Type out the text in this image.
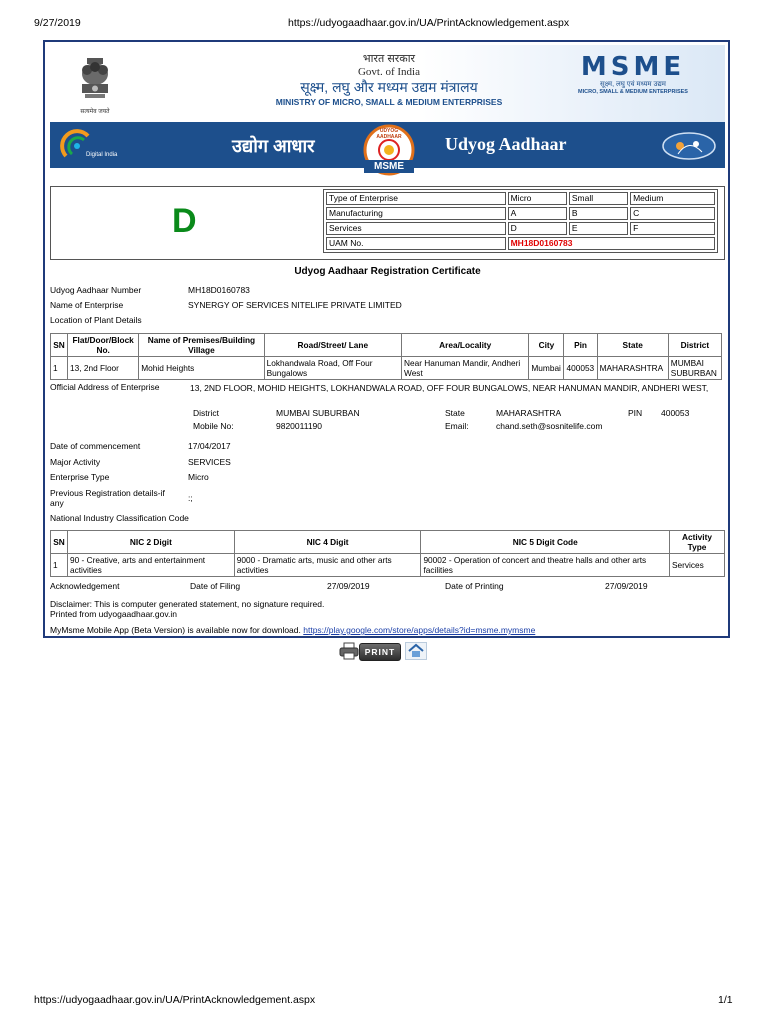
9/27/2019	https://udyogaadhaar.gov.in/UA/PrintAcknowledgement.aspx
सत्यमेव जयते
भारत सरकार
Govt. of India
सूक्ष्म, लघु और मध्यम उद्यम मंत्रालय
MINISTRY OF MICRO, SMALL & MEDIUM ENTERPRISES
MSME
सूक्ष्म, लघु एवं मध्यम उद्यम
MICRO, SMALL & MEDIUM ENTERPRISES
Digital India	उद्योग आधार
UDYOG AADHAAR
MSME
Udyog Aadhaar
D
Type of Enterprise	Micro	Small	Medium
Manufacturing	A	B	C
Services	D	E	F
UAM No.	MH18D0160783		
Udyog Aadhaar Registration Certificate
Udyog Aadhaar Number	MH18D0160783
Name of Enterprise	SYNERGY OF SERVICES NITELIFE PRIVATE LIMITED
Location of Plant Details
SN	Flat/Door/Block No.	Name of Premises/Building Village	Road/Street/ Lane	Area/Locality	City	Pin	State	District
1	13, 2nd Floor	Mohid Heights	Lokhandwala Road, Off Four Bungalows	Near Hanuman Mandir, Andheri West	Mumbai	400053	MAHARASHTRA	MUMBAI SUBURBAN
Official Address of Enterprise	13, 2ND FLOOR, MOHID HEIGHTS, LOKHANDWALA ROAD, OFF FOUR BUNGALOWS, NEAR HANUMAN MANDIR, ANDHERI WEST,
District	MUMBAI SUBURBAN	State	MAHARASHTRA	PIN 400053
Mobile No:	9820011190	Email:	chand.seth@sosnitelife.com
Date of commencement	17/04/2017
Major Activity	SERVICES
Enterprise Type	Micro
Previous Registration details-if any	:;
National Industry Classification Code
SN	NIC 2 Digit	NIC 4 Digit	NIC 5 Digit Code	Activity Type
1	90 - Creative, arts and entertainment activities	9000 - Dramatic arts, music and other arts activities	90002 - Operation of concert and theatre halls and other arts facilities	Services
Acknowledgement	Date of Filing	27/09/2019	Date of Printing	27/09/2019
Disclaimer: This is computer generated statement, no signature required.
Printed from udyogaadhaar.gov.in
MyMsme Mobile App (Beta Version) is available now for download. https://play.google.com/store/apps/details?id=msme.mymsme
PRINT
https://udyogaadhaar.gov.in/UA/PrintAcknowledgement.aspx	1/1
